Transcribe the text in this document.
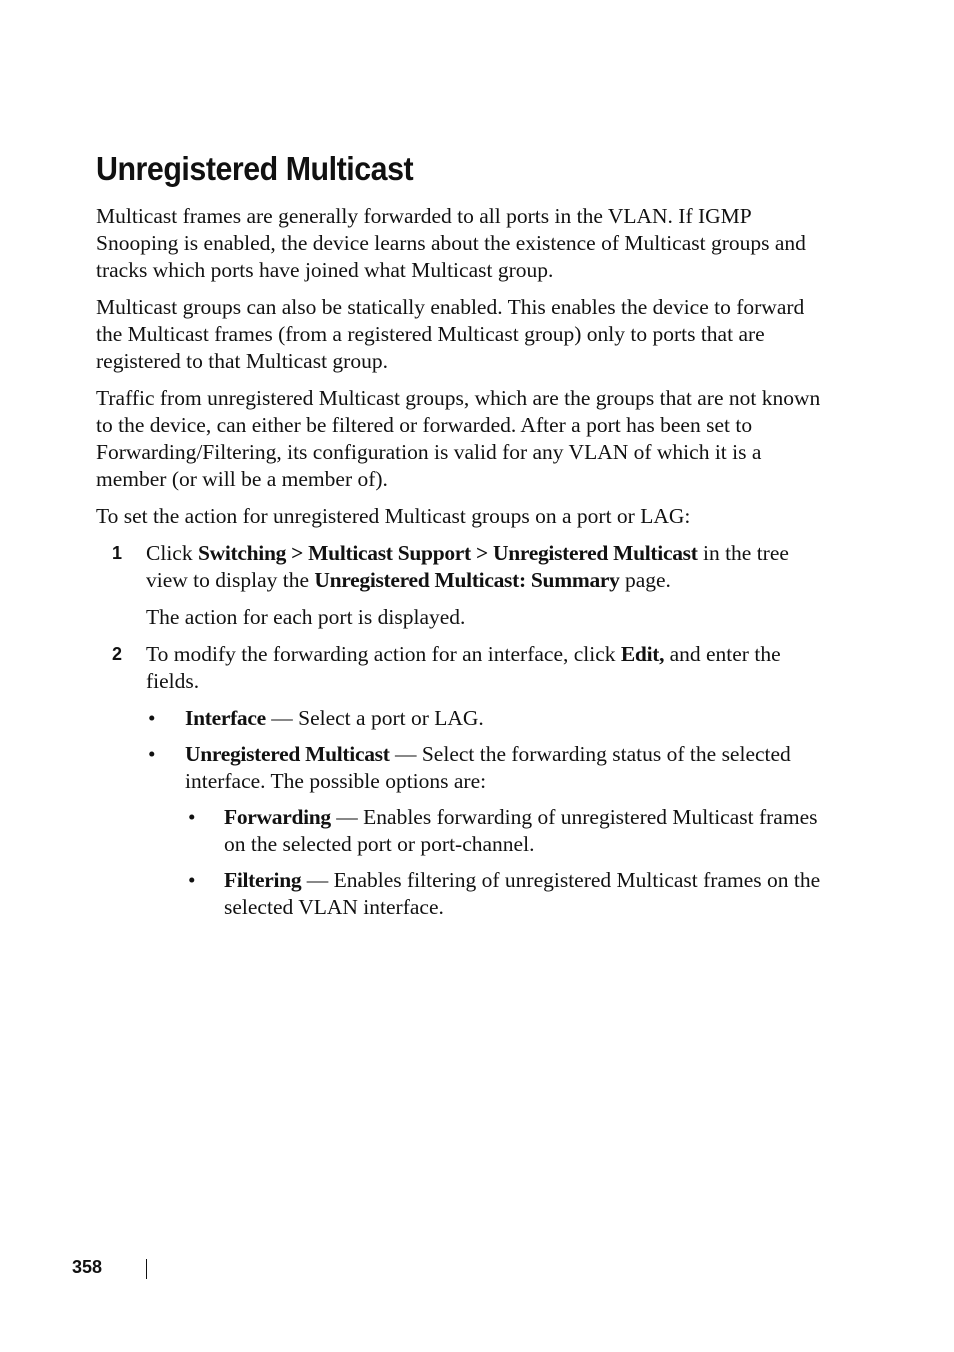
Unregistered Multicast

Multicast frames are generally forwarded to all ports in the VLAN. If IGMP Snooping is enabled, the device learns about the existence of Multicast groups and tracks which ports have joined what Multicast group.

Multicast groups can also be statically enabled. This enables the device to forward the Multicast frames (from a registered Multicast group) only to ports that are registered to that Multicast group.

Traffic from unregistered Multicast groups, which are the groups that are not known to the device, can either be filtered or forwarded. After a port has been set to Forwarding/Filtering, its configuration is valid for any VLAN of which it is a member (or will be a member of).

To set the action for unregistered Multicast groups on a port or LAG:

1 Click Switching > Multicast Support > Unregistered Multicast in the tree view to display the Unregistered Multicast: Summary page.

The action for each port is displayed.

2 To modify the forwarding action for an interface, click Edit, and enter the fields.

• Interface — Select a port or LAG.
• Unregistered Multicast — Select the forwarding status of the selected interface. The possible options are:
• Forwarding — Enables forwarding of unregistered Multicast frames on the selected port or port-channel.
• Filtering — Enables filtering of unregistered Multicast frames on the selected VLAN interface.
358
